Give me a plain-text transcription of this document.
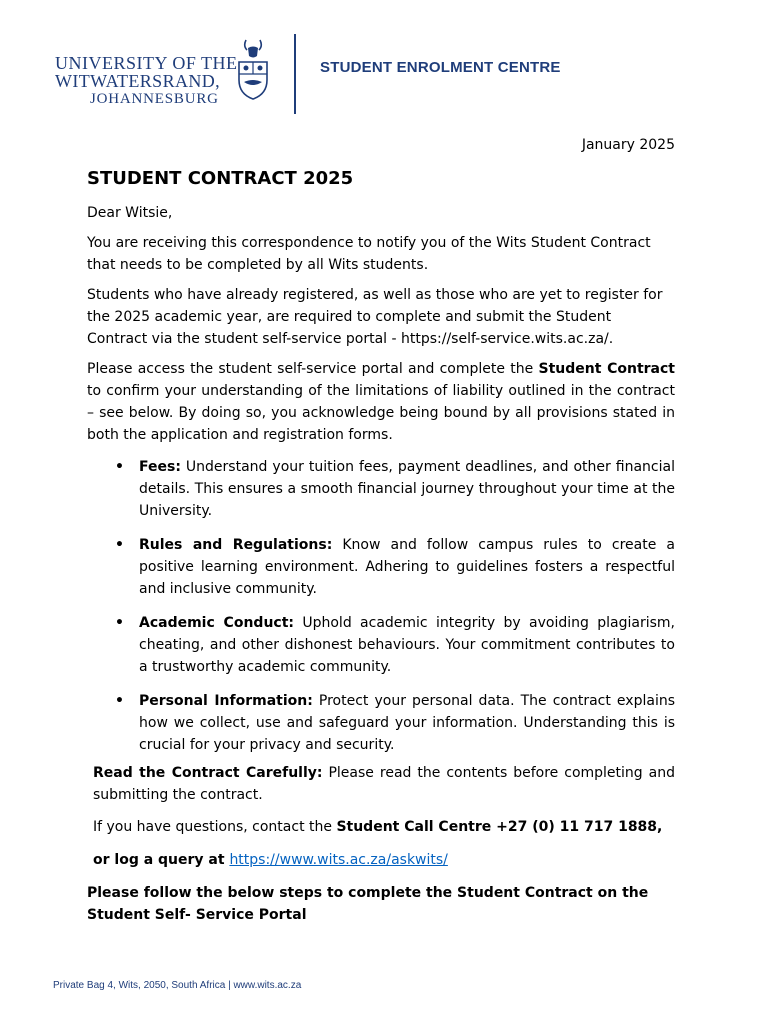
UNIVERSITY OF THE
WITWATERSRAND,
JOHANNESBURG
STUDENT ENROLMENT CENTRE
January 2025
STUDENT CONTRACT 2025

Dear Witsie,

You are receiving this correspondence to notify you of the Wits Student Contract that needs to be completed by all Wits students.

Students who have already registered, as well as those who are yet to register for the 2025 academic year, are required to complete and submit the Student Contract via the student self-service portal - https://self-service.wits.ac.za/.

Please access the student self-service portal and complete the Student Contract to confirm your understanding of the limitations of liability outlined in the contract – see below. By doing so, you acknowledge being bound by all provisions stated in both the application and registration forms.

• Fees: Understand your tuition fees, payment deadlines, and other financial details. This ensures a smooth financial journey throughout your time at the University.
• Rules and Regulations: Know and follow campus rules to create a positive learning environment. Adhering to guidelines fosters a respectful and inclusive community.
• Academic Conduct: Uphold academic integrity by avoiding plagiarism, cheating, and other dishonest behaviours. Your commitment contributes to a trustworthy academic community.
• Personal Information: Protect your personal data. The contract explains how we collect, use and safeguard your information. Understanding this is crucial for your privacy and security.

Read the Contract Carefully: Please read the contents before completing and submitting the contract.

If you have questions, contact the Student Call Centre +27 (0) 11 717 1888,

or log a query at https://www.wits.ac.za/askwits/

Please follow the below steps to complete the Student Contract on the Student Self- Service Portal

Private Bag 4, Wits, 2050, South Africa | www.wits.ac.za
